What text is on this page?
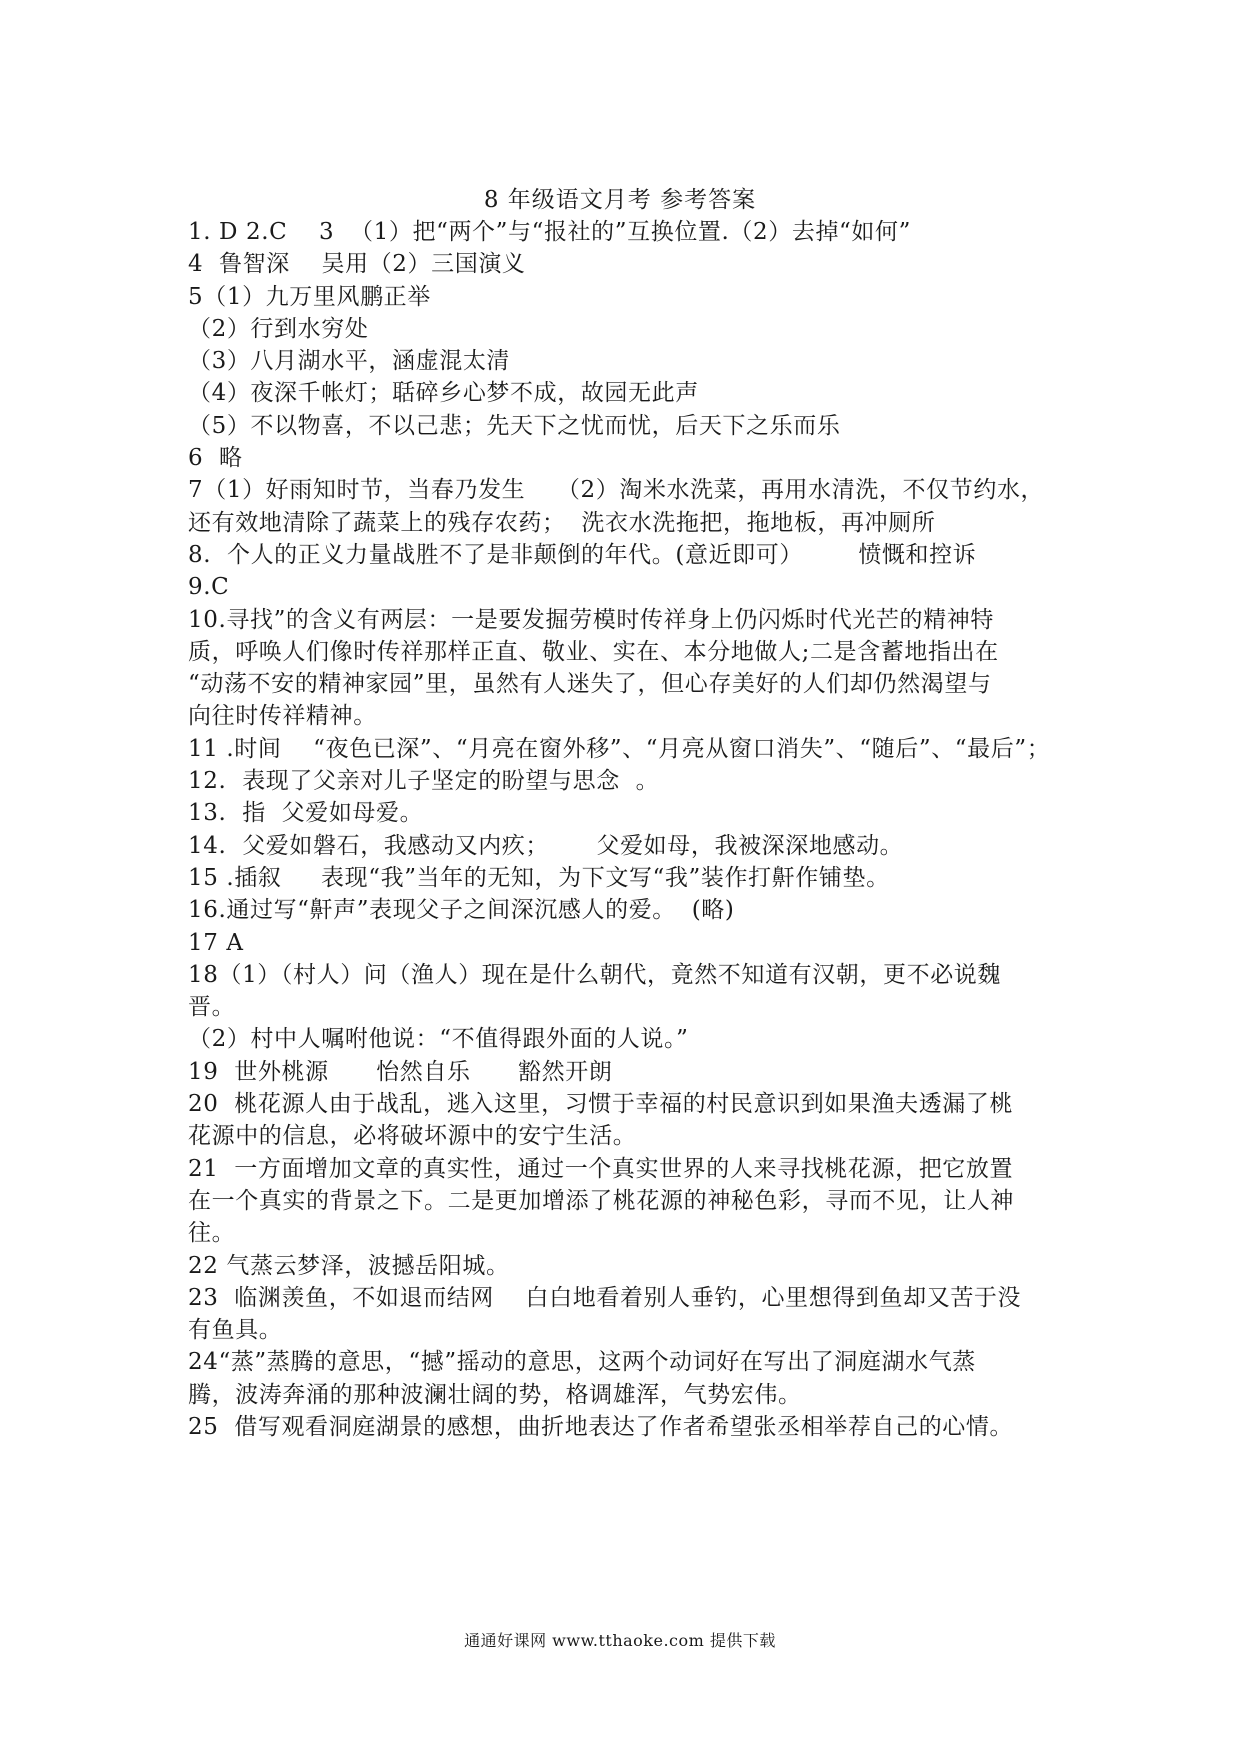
8 年级语文月考 参考答案
1. D 2.C    3  （1）把“两个”与“报社的”互换位置.（2）去掉“如何”
4  鲁智深    吴用（2）三国演义
5（1）九万里风鹏正举
（2）行到水穷处
（3）八月湖水平，涵虚混太清
（4）夜深千帐灯；聒碎乡心梦不成，故园无此声
（5）不以物喜，不以己悲；先天下之忧而忧，后天下之乐而乐
6  略
7（1）好雨知时节，当春乃发生    （2）淘米水洗菜，再用水清洗，不仅节约水，
还有效地清除了蔬菜上的残存农药；  洗衣水洗拖把，拖地板，再冲厕所
8.  个人的正义力量战胜不了是非颠倒的年代。(意近即可）       愤慨和控诉
9.C
10.寻找”的含义有两层：一是要发掘劳模时传祥身上仍闪烁时代光芒的精神特
质，呼唤人们像时传祥那样正直、敬业、实在、本分地做人;二是含蓄地指出在
“动荡不安的精神家园”里，虽然有人迷失了，但心存美好的人们却仍然渴望与
向往时传祥精神。
11 .时间    “夜色已深”、“月亮在窗外移”、“月亮从窗口消失”、“随后”、“最后”；
12.  表现了父亲对儿子坚定的盼望与思念  。
13.  指  父爱如母爱。
14.  父爱如磐石，我感动又内疚；      父爱如母，我被深深地感动。
15 .插叙     表现“我”当年的无知，为下文写“我”装作打鼾作铺垫。
16.通过写“鼾声”表现父子之间深沉感人的爱。  (略)
17 A
18（1）（村人）问（渔人）现在是什么朝代，竟然不知道有汉朝，更不必说魏
晋。
（2）村中人嘱咐他说：“不值得跟外面的人说。”
19  世外桃源      怡然自乐      豁然开朗
20  桃花源人由于战乱，逃入这里，习惯于幸福的村民意识到如果渔夫透漏了桃
花源中的信息，必将破坏源中的安宁生活。
21  一方面增加文章的真实性，通过一个真实世界的人来寻找桃花源，把它放置
在一个真实的背景之下。二是更加增添了桃花源的神秘色彩，寻而不见，让人神
往。
22 气蒸云梦泽，波撼岳阳城。
23  临渊羡鱼，不如退而结网    白白地看着别人垂钓，心里想得到鱼却又苦于没
有鱼具。
24“蒸”蒸腾的意思，“撼”摇动的意思，这两个动词好在写出了洞庭湖水气蒸
腾，波涛奔涌的那种波澜壮阔的势，格调雄浑，气势宏伟。
25  借写观看洞庭湖景的感想，曲折地表达了作者希望张丞相举荐自己的心情。
通通好课网 www.tthaoke.com 提供下载
